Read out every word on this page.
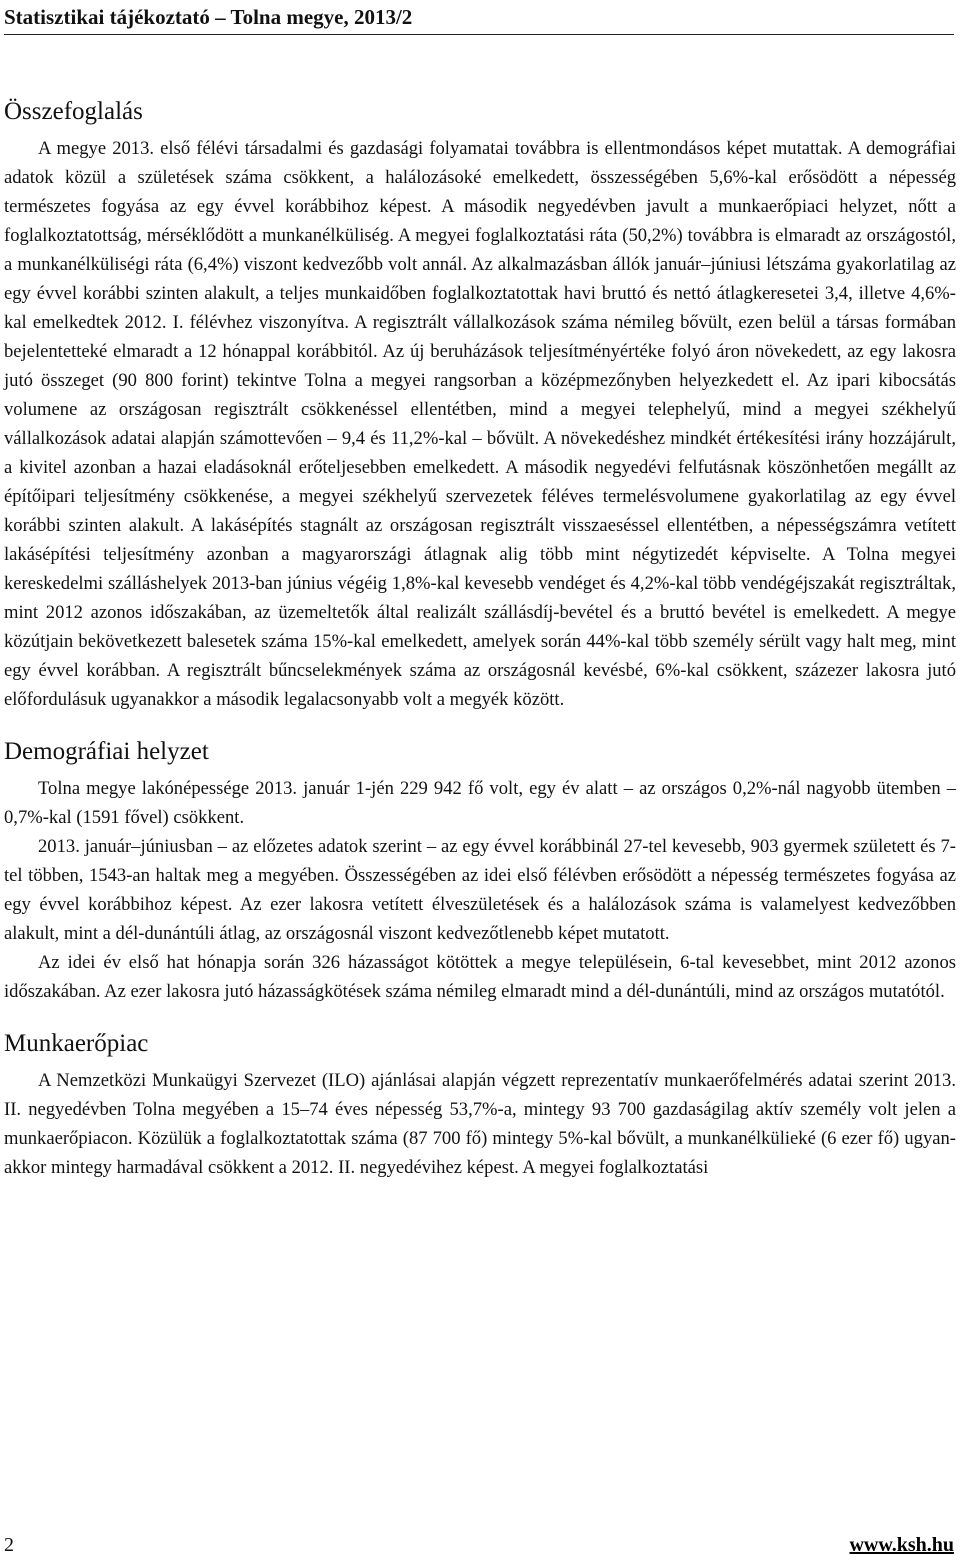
Statisztikai tájékoztató – Tolna megye, 2013/2
Összefoglalás

A megye 2013. első félévi társadalmi és gazdasági folyamatai továbbra is ellentmondásos képet mutattak. A demográfiai adatok közül a születések száma csökkent, a halálozásoké emelkedett, összességében 5,6%-kal erősödött a népesség természetes fogyása az egy évvel korábbihoz képest. A második negyedévben javult a munkaerőpiaci helyzet, nőtt a foglalkoztatottság, mérséklődött a munkanélküliség. A megyei foglalkoztatási ráta (50,2%) továbbra is elmaradt az országostól, a munkanélküliségi ráta (6,4%) viszont kedvezőbb volt annál. Az alkalmazásban állók január–júniusi létszáma gyakorlatilag az egy évvel korábbi szinten alakult, a teljes munkaidőben foglalkoztatottak havi bruttó és nettó átlagkeresetei 3,4, illetve 4,6%-kal emelkedtek 2012. I. félévhez viszonyítva. A regisztrált vállalkozások száma némileg bővült, ezen belül a társas formában bejelentetteké elmaradt a 12 hónappal korábbitól. Az új beruházások teljesítményértéke folyó áron növekedett, az egy lakosra jutó összeget (90 800 forint) tekintve Tolna a megyei rangsorban a középmezőnyben helyezkedett el. Az ipari kibocsátás volumene az országosan regisztrált csökkenéssel ellentétben, mind a megyei telephelyű, mind a megyei székhelyű vállalkozások adatai alapján számottevően – 9,4 és 11,2%-kal – bővült. A növekedéshez mindkét értékesítési irány hozzájárult, a kivitel azonban a hazai eladásoknál erőteljesebben emelkedett. A második negyedévi felfutásnak köszönhetően megállt az építőipari teljesítmény csökkenése, a megyei székhelyű szervezetek féléves termelésvolumene gyakorlatilag az egy évvel korábbi szinten alakult. A lakásépítés stagnált az országosan regisztrált visszaeséssel ellentétben, a népességszámra vetített lakásépítési teljesítmény azonban a magyarországi átlagnak alig több mint négytizedét képviselte. A Tolna megyei kereskedelmi szálláshelyek 2013-ban június végéig 1,8%-kal kevesebb vendéget és 4,2%-kal több vendégéjszakát regisztráltak, mint 2012 azonos időszakában, az üzemeltetők által realizált szállásdíj-bevétel és a bruttó bevétel is emelkedett. A megye közútjain bekövetkezett balesetek száma 15%-kal emelkedett, amelyek során 44%-kal több személy sérült vagy halt meg, mint egy évvel korábban. A regisztrált bűncselekmények száma az országosnál kevésbé, 6%-kal csökkent, százezer lakosra jutó előfordulásuk ugyanakkor a második legalacsonyabb volt a megyék között.

Demográfiai helyzet

Tolna megye lakónépessége 2013. január 1-jén 229 942 fő volt, egy év alatt – az országos 0,2%-nál nagyobb ütemben – 0,7%-kal (1591 fővel) csökkent.

2013. január–júniusban – az előzetes adatok szerint – az egy évvel korábbinál 27-tel kevesebb, 903 gyermek született és 7-tel többen, 1543-an haltak meg a megyében. Összességében az idei első félévben erősödött a népesség természetes fogyása az egy évvel korábbihoz képest. Az ezer lakosra vetített élveszületések és a halálozások száma is valamelyest kedvezőbben alakult, mint a dél-dunántúli átlag, az országosnál viszont kedvezőtlenebb képet mutatott.

Az idei év első hat hónapja során 326 házasságot kötöttek a megye településein, 6-tal kevesebbet, mint 2012 azonos időszakában. Az ezer lakosra jutó házasságkötések száma némileg elmaradt mind a dél-dunántúli, mind az országos mutatótól.

Munkaerőpiac

A Nemzetközi Munkaügyi Szervezet (ILO) ajánlásai alapján végzett reprezentatív munkaerőfelmérés adatai szerint 2013. II. negyedévben Tolna megyében a 15–74 éves népesség 53,7%-a, mintegy 93 700 gazdaságilag aktív személy volt jelen a munkaerőpiacon. Közülük a foglalkoztatottak száma (87 700 fő) mintegy 5%-kal bővült, a munkanélkülieké (6 ezer fő) ugyanakkor mintegy harmadával csökkent a 2012. II. negyedévihez képest. A megyei foglalkoztatási

2	www.ksh.hu
